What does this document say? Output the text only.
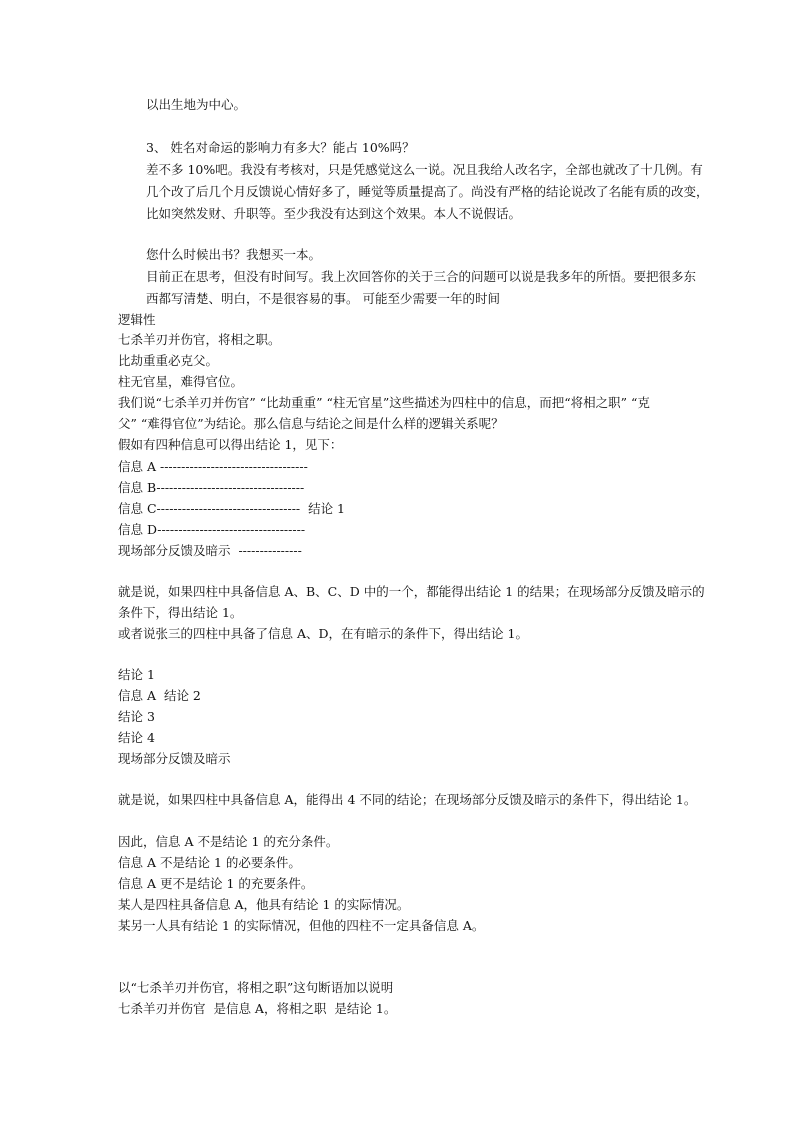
以出生地为中心。
3、 姓名对命运的影响力有多大？能占 10%吗？
差不多 10%吧。我没有考核对，只是凭感觉这么一说。况且我给人改名字，全部也就改了十几例。有
几个改了后几个月反馈说心情好多了，睡觉等质量提高了。尚没有严格的结论说改了名能有质的改变，
比如突然发财、升职等。至少我没有达到这个效果。本人不说假话。
您什么时候出书？我想买一本。
目前正在思考，但没有时间写。我上次回答你的关于三合的问题可以说是我多年的所悟。要把很多东
西都写清楚、明白，不是很容易的事。 可能至少需要一年的时间
逻辑性
七杀羊刃并伤官，将相之职。
比劫重重必克父。
柱无官星，难得官位。
我们说“七杀羊刃并伤官” “比劫重重” “柱无官星”这些描述为四柱中的信息，而把“将相之职” “克
父” “难得官位”为结论。那么信息与结论之间是什么样的逻辑关系呢？
假如有四种信息可以得出结论 1，见下：
信息 A -----------------------------------
信息 B-----------------------------------
信息 C----------------------------------  结论 1
信息 D-----------------------------------
现场部分反馈及暗示  ---------------
就是说，如果四柱中具备信息 A、B、C、D 中的一个，都能得出结论 1 的结果；在现场部分反馈及暗示的
条件下，得出结论 1。
或者说张三的四柱中具备了信息 A、D，在有暗示的条件下，得出结论 1。
结论 1
信息 A  结论 2
结论 3
结论 4
现场部分反馈及暗示
就是说，如果四柱中具备信息 A，能得出 4 不同的结论；在现场部分反馈及暗示的条件下，得出结论 1。
因此，信息 A 不是结论 1 的充分条件。
信息 A 不是结论 1 的必要条件。
信息 A 更不是结论 1 的充要条件。
某人是四柱具备信息 A，他具有结论 1 的实际情况。
某另一人具有结论 1 的实际情况，但他的四柱不一定具备信息 A。
以“七杀羊刃并伤官，将相之职”这句断语加以说明
七杀羊刃并伤官  是信息 A，将相之职  是结论 1。
